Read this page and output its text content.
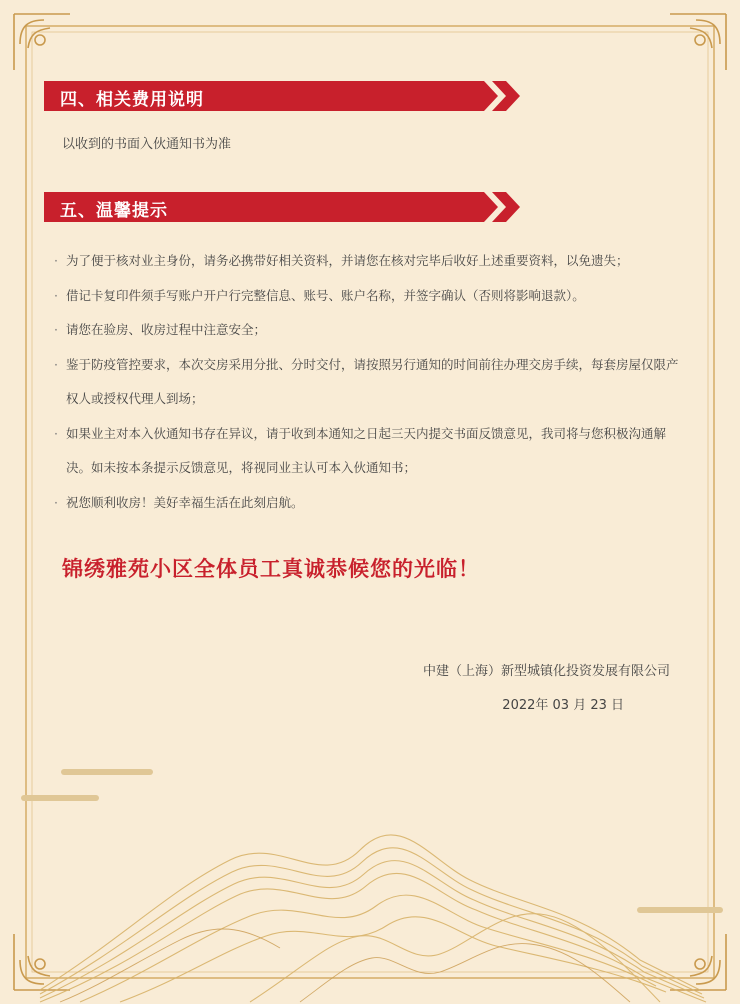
四、相关费用说明
以收到的书面入伙通知书为准
五、温馨提示
· 为了便于核对业主身份，请务必携带好相关资料，并请您在核对完毕后收好上述重要资料，以免遗失；
· 借记卡复印件须手写账户开户行完整信息、账号、账户名称，并签字确认（否则将影响退款）。
· 请您在验房、收房过程中注意安全；
· 鉴于防疫管控要求，本次交房采用分批、分时交付，请按照另行通知的时间前往办理交房手续，每套房屋仅限产权人或授权代理人到场；
· 如果业主对本入伙通知书存在异议，请于收到本通知之日起三天内提交书面反馈意见，我司将与您积极沟通解决。如未按本条提示反馈意见，将视同业主认可本入伙通知书；
· 祝您顺利收房！美好幸福生活在此刻启航。
锦绣雅苑小区全体员工真诚恭候您的光临！
中建（上海）新型城镇化投资发展有限公司
2022年 03 月 23 日
